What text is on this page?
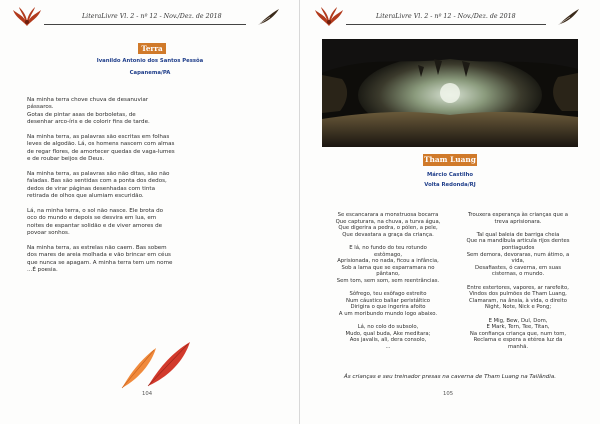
LiteraLivre Vl. 2 - nº 12 - Nov./Dez. de 2018
Terra
Ivanildo Antonio dos Santos Pessôa
Capanema/PA

Na minha terra chove chuva de desanuviar

pássaros.

Gotas de pintar asas de borboletas, de

desenhar arco-íris e de colorir fins de tarde.

Na minha terra, as palavras são escritas em folhas

leves de algodão. Lá, os homens nascem com almas

de regar flores, de amortecer quedas de vaga-lumes

e de roubar beijos de Deus.

Na minha terra, as palavras são não ditas, são não

faladas. Bas são sentidas com a ponta dos dedos,

dedos de virar páginas desenhadas com tinta

retirada de olhos que alumiam escuridão.

Lá, na minha terra, o sol não nasce. Ele brota do

oco do mundo e depois se desvira em lua, em

noites de espantar solidão e de viver amores de

povoar sonhos.

Na minha terra, as estrelas não caem. Bas sobem

dos mares de areia molhada e vão brincar em céus

que nunca se apagam. A minha terra tem um nome

...É poesia.

104
LiteraLivre Vl. 2 - nº 12 - Nov./Dez. de 2018
Tham Luang
Márcio Castilho
Volta Redonda/RJ

Se escancarara a monstruosa bocarra

Que capturara, na chuva, a turva água,

Que digerira a pedra, o pólen, a pele,

Que devastara a graça da criança.

E lá, no fundo do teu rotundo

estômago,

Aprisionada, no nada, ficou a infância,

Sob a lama que se esparramara no

pântano,

Sem tom, sem som, sem reentrâncias.

Sôfrego, teu esôfago estreito

Num cáustico baliar peristáltico

Dirigira o que ingerira afoito

A um moribundo mundo logo abaixo.

Lá, no colo do subsolo,

Mudo, qual buda, Ake meditara;

Aos javalis, ali, dera consolo,

...

Trouxera esperança às crianças que a

treva aprisionara.

Tal qual baleia de barriga cheia

Que na mandíbula articula rijos dentes

pontiagudos

Sem demora, devoraras, num átimo, a

vida,

Desafiastes, ó caverna, em suas

cisternas, o mundo.

Entre estertores, vapores, ar rarefeito,

Vindos dos pulmões de Tham Luang,

Clamaram, na ânsia, à vida, o direito

Night, Note, Nick e Pong;

E Mig, Bew, Dul, Dom,

E Mark, Tern, Tee, Titan,

Na confiança criança que, num tom,

Reclama e espera a etérea luz da

manhã.

Ás crianças e seu treinador presas na caverna de Tham Luang na Tailândia.
105
